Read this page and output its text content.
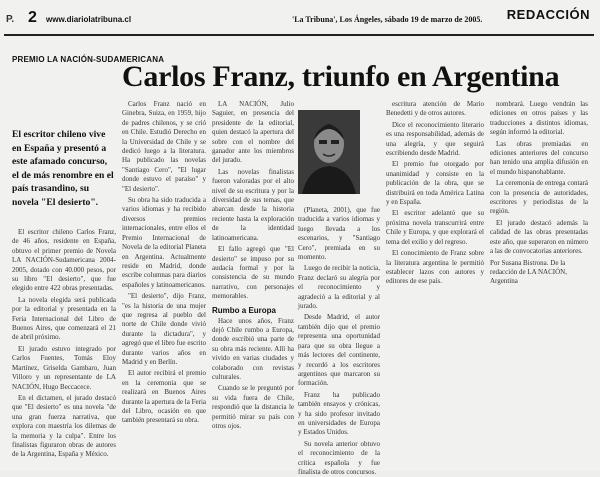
P. 2 www.diariolatribuna.cl	'La Tribuna', Los Ángeles, sábado 19 de marzo de 2005. REDACCIÓN
PREMIO LA NACIÓN-SUDAMERICANA
Carlos Franz, triunfo en Argentina
El escritor chileno vive en España y presentó a este afamado concurso, el de más renombre en el país trasandino, su novela "El desierto".

El escritor chileno Carlos Franz, de 46 años, residente en España, obtuvo el primer premio de Novela LA NACIÓN-Sudamericana 2004-2005, dotado con 40.000 pesos, por su libro "El desierto", que fue elegido entre 422 obras presentadas.

La novela elegida será publicada por la editorial y presentada en la Feria Internacional del Libro de Buenos Aires, que comenzará el 21 de abril próximo.

El jurado estuvo integrado por Carlos Fuentes, Tomás Eloy Martínez, Griselda Gambaro, Juan Villoro y un representante de LA NACIÓN, Hugo Beccacece.

En el dictamen, el jurado destacó que "El desierto" es una novela "de una gran fuerza narrativa, que explora con maestría los dilemas de la memoria y la culpa". Entre los finalistas figuraron obras de autores de la Argentina, España y México.

Carlos Franz nació en Ginebra, Suiza, en 1959, hijo de padres chilenos, y se crió en Chile. Estudió Derecho en la Universidad de Chile y se dedicó luego a la literatura. Ha publicado las novelas "Santiago Cero", "El lugar donde estuvo el paraíso" y "El desierto".

Su obra ha sido traducida a varios idiomas y ha recibido diversos premios internacionales, entre ellos el Premio Internacional de Novela de la editorial Planeta en Argentina. Actualmente reside en Madrid, donde escribe columnas para diarios españoles y latinoamericanos.

"El desierto", dijo Franz, "es la historia de una mujer que regresa al pueblo del norte de Chile donde vivió durante la dictadura", y agregó que el libro fue escrito durante varios años en Madrid y en Berlín.

El autor recibirá el premio en la ceremonia que se realizará en Buenos Aires durante la apertura de la Feria del Libro, ocasión en que también presentará su obra.

LA NACIÓN, Julio Saguier, en presencia del presidente de la editorial, quien destacó la apertura del sobre con el nombre del ganador ante los miembros del jurado.

Las novelas finalistas fueron valoradas por el alto nivel de su escritura y por la diversidad de sus temas, que abarcan desde la historia reciente hasta la exploración de la identidad latinoamericana.

El fallo agregó que "El desierto" se impuso por su audacia formal y por la consistencia de su mundo narrativo, con personajes memorables.

Rumbo a Europa

Hace unos años, Franz dejó Chile rumbo a Europa, donde escribió una parte de su obra más reciente. Allí ha vivido en varias ciudades y colaborado con revistas culturales.

Cuando se le preguntó por su vida fuera de Chile, respondió que la distancia le permitió mirar su país con otros ojos.

(Planeta, 2001), que fue traducida a varios idiomas y luego llevada a los escenarios, y "Santiago Cero", premiada en su momento.

Luego de recibir la noticia, Franz declaró su alegría por el reconocimiento y agradeció a la editorial y al jurado.

Desde Madrid, el autor también dijo que el premio representa una oportunidad para que su obra llegue a más lectores del continente, y recordó a los escritores argentinos que marcaron su formación.

Franz ha publicado también ensayos y crónicas, y ha sido profesor invitado en universidades de Europa y Estados Unidos.

Su novela anterior obtuvo el reconocimiento de la crítica española y fue finalista de otros concursos.

escritura atención de Mario Benedetti y de otros autores.

Dice el reconocimiento literario es una responsabilidad, además de una alegría, y que seguirá escribiendo desde Madrid.

El premio fue otorgado por unanimidad y consiste en la publicación de la obra, que se distribuirá en toda América Latina y en España.

El escritor adelantó que su próxima novela transcurrirá entre Chile y Europa, y que explorará el tema del exilio y del regreso.

El conocimiento de Franz sobre la literatura argentina le permitió establecer lazos con autores y editores de ese país.

nombrará. Luego vendrán las ediciones en otros países y las traducciones a distintos idiomas, según informó la editorial.

Las obras premiadas en ediciones anteriores del concurso han tenido una amplia difusión en el mundo hispanohablante.

La ceremonia de entrega contará con la presencia de autoridades, escritores y periodistas de la región.

El jurado destacó además la calidad de las obras presentadas este año, que superaron en número a las de convocatorias anteriores.

Por Susana Bistrona. De la redacción de LA NACIÓN, Argentina
